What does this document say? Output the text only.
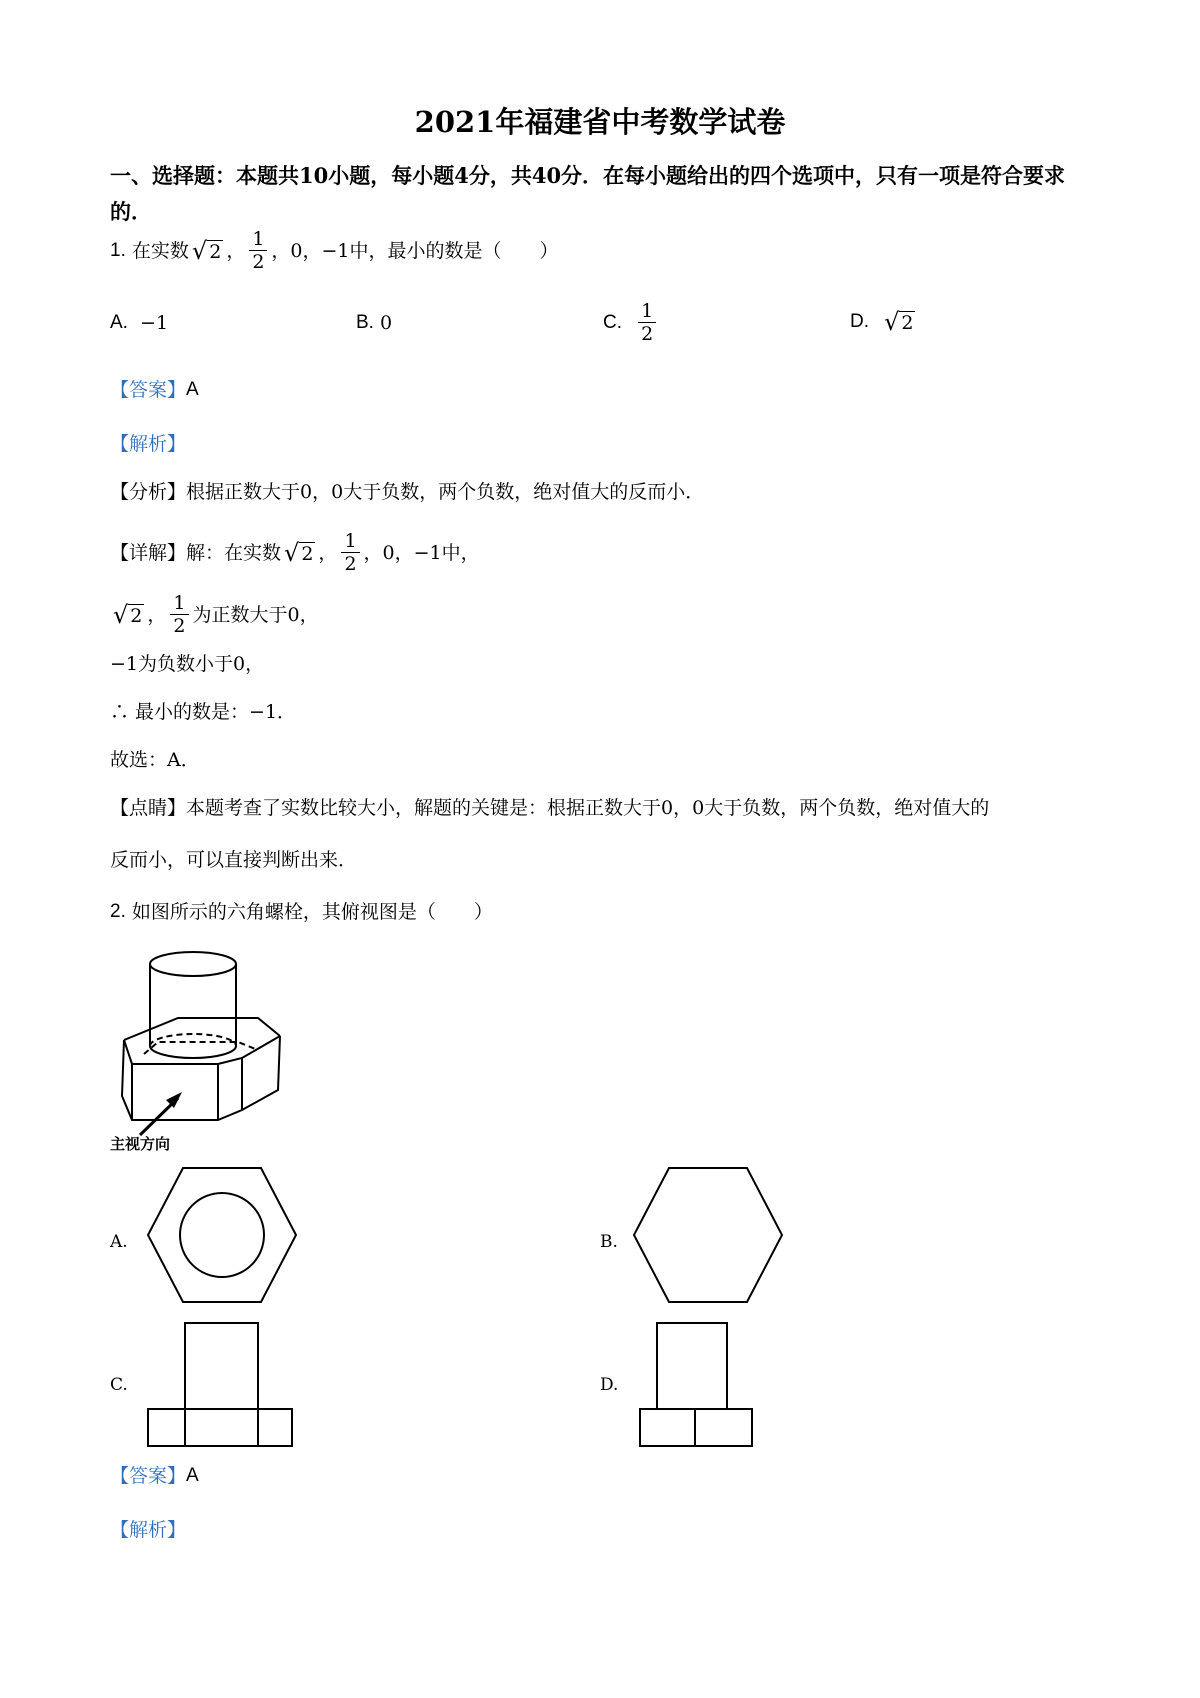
2021年福建省中考数学试卷
一、选择题：本题共10小题，每小题4分，共40分．在每小题给出的四个选项中，只有一项是符合要求的．
1.
在实数 √ 2 ， $\frac{1}{2}$ ，0，−1中，最小的数是（　　）
A.
−1	B.
0	C.
$\frac{1}{2}$	D.
√ 2
【答案】 A
【解析】
【分析】 根据正数大于0，0大于负数，两个负数，绝对值大的反而小．
【详解】 解：在实数 √ 2 ， $\frac{1}{2}$ ，0，−1中，
√ 2 ， $\frac{1}{2}$ 为正数大于0，
−1为负数小于0，
∴ 最小的数是：−1．
故选：A．
【点睛】 本题考查了实数比较大小，解题的关键是：根据正数大于0，0大于负数，两个负数，绝对值大的
反而小，可以直接判断出来．
2.
如图所示的六角螺栓，其俯视图是（　　）
主视方向
A.	B.
C.	D.
【答案】 A
【解析】
